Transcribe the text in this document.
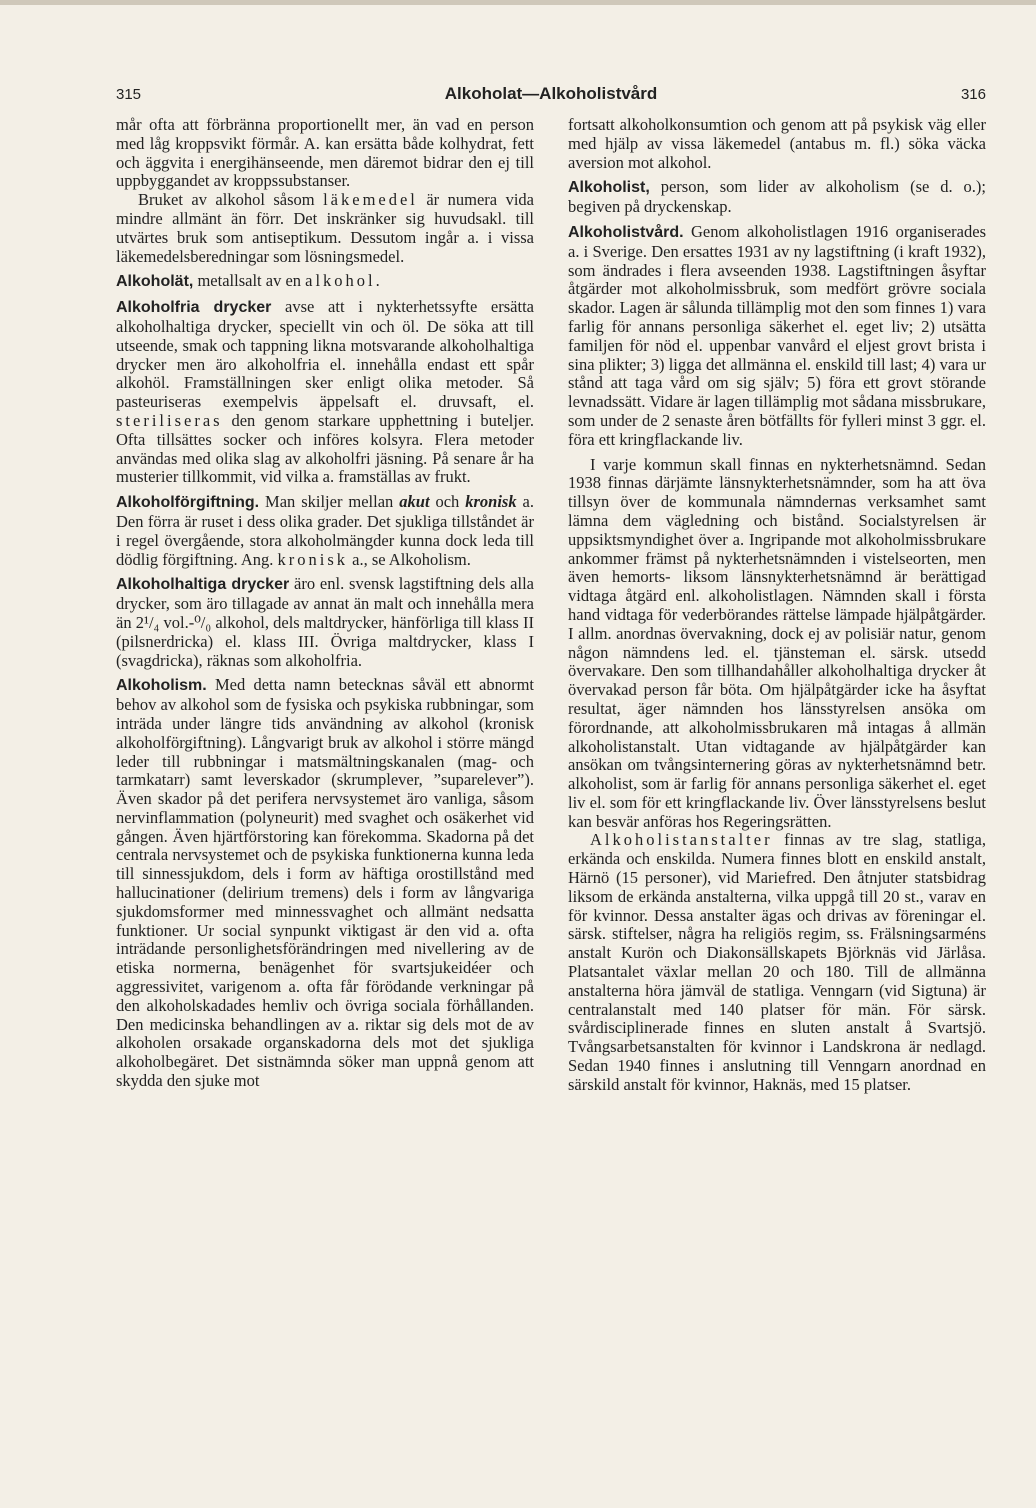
315	Alkoholat—Alkoholistvård	316

mår ofta att förbränna proportionellt mer, än vad en person med låg kroppsvikt förmår. A. kan ersätta både kolhydrat, fett och äggvita i energihänseende, men däremot bidrar den ej till uppbyggandet av kroppssubstanser.

Bruket av alkohol såsom läkemedel är numera vida mindre allmänt än förr. Det inskränker sig huvudsakl. till utvärtes bruk som antiseptikum. Dessutom ingår a. i vissa läkemedelsberedningar som lösningsmedel.

Alkoholät, metallsalt av en alkohol.

Alkoholfria drycker avse att i nykterhetssyfte ersätta alkoholhaltiga drycker, speciellt vin och öl. De söka att till utseende, smak och tappning likna motsvarande alkoholhaltiga drycker men äro alkoholfria el. innehålla endast ett spår alkohöl. Framställningen sker enligt olika metoder. Så pasteuriseras exempelvis äppelsaft el. druvsaft, el. steriliseras den genom starkare upphettning i buteljer. Ofta tillsättes socker och införes kolsyra. Flera metoder användas med olika slag av alkoholfri jäsning. På senare år ha musterier tillkommit, vid vilka a. framställas av frukt.

Alkoholförgiftning. Man skiljer mellan akut och kronisk a. Den förra är ruset i dess olika grader. Det sjukliga tillståndet är i regel övergående, stora alkoholmängder kunna dock leda till dödlig förgiftning. Ang. kronisk a., se Alkoholism.

Alkoholhaltiga drycker äro enl. svensk lagstiftning dels alla drycker, som äro tillagade av annat än malt och innehålla mera än 2¹/₄ vol.-⁰/₀ alkohol, dels maltdrycker, hänförliga till klass II (pilsnerdricka) el. klass III. Övriga maltdrycker, klass I (svagdricka), räknas som alkoholfria.

Alkoholism. Med detta namn betecknas såväl ett abnormt behov av alkohol som de fysiska och psykiska rubbningar, som inträda under längre tids användning av alkohol (kronisk alkoholförgiftning). Långvarigt bruk av alkohol i större mängd leder till rubbningar i matsmältningskanalen (mag- och tarmkatarr) samt leverskador (skrumplever, ”suparelever”). Även skador på det perifera nervsystemet äro vanliga, såsom nervinflammation (polyneurit) med svaghet och osäkerhet vid gången. Även hjärtförstoring kan förekomma. Skadorna på det centrala nervsystemet och de psykiska funktionerna kunna leda till sinnessjukdom, dels i form av häftiga orostillstånd med hallucinationer (delirium tremens) dels i form av långvariga sjukdomsformer med minnessvaghet och allmänt nedsatta funktioner. Ur social synpunkt viktigast är den vid a. ofta inträdande personlighetsförändringen med nivellering av de etiska normerna, benägenhet för svartsjukeidéer och aggressivitet, varigenom a. ofta får förödande verkningar på den alkoholskadades hemliv och övriga sociala förhållanden. Den medicinska behandlingen av a. riktar sig dels mot de av alkoholen orsakade organskadorna dels mot det sjukliga alkoholbegäret. Det sistnämnda söker man uppnå genom att skydda den sjuke mot

fortsatt alkoholkonsumtion och genom att på psykisk väg eller med hjälp av vissa läkemedel (antabus m. fl.) söka väcka aversion mot alkohol.

Alkoholist, person, som lider av alkoholism (se d. o.); begiven på dryckenskap.

Alkoholistvård. Genom alkoholistlagen 1916 organiserades a. i Sverige. Den ersattes 1931 av ny lagstiftning (i kraft 1932), som ändrades i flera avseenden 1938. Lagstiftningen åsyftar åtgärder mot alkoholmissbruk, som medfört grövre sociala skador. Lagen är sålunda tillämplig mot den som finnes 1) vara farlig för annans personliga säkerhet el. eget liv; 2) utsätta familjen för nöd el. uppenbar vanvård el eljest grovt brista i sina plikter; 3) ligga det allmänna el. enskild till last; 4) vara ur stånd att taga vård om sig själv; 5) föra ett grovt störande levnadssätt. Vidare är lagen tillämplig mot sådana missbrukare, som under de 2 senaste åren bötfällts för fylleri minst 3 ggr. el. föra ett kringflackande liv.

I varje kommun skall finnas en nykterhetsnämnd. Sedan 1938 finnas därjämte länsnykterhetsnämnder, som ha att öva tillsyn över de kommunala nämndernas verksamhet samt lämna dem vägledning och bistånd. Socialstyrelsen är uppsiktsmyndighet över a. Ingripande mot alkoholmissbrukare ankommer främst på nykterhetsnämnden i vistelseorten, men även hemorts- liksom länsnykterhetsnämnd är berättigad vidtaga åtgärd enl. alkoholistlagen. Nämnden skall i första hand vidtaga för vederbörandes rättelse lämpade hjälpåtgärder. I allm. anordnas övervakning, dock ej av polisiär natur, genom någon nämndens led. el. tjänsteman el. särsk. utsedd övervakare. Den som tillhandahåller alkoholhaltiga drycker åt övervakad person får böta. Om hjälpåtgärder icke ha åsyftat resultat, äger nämnden hos länsstyrelsen ansöka om förordnande, att alkoholmissbrukaren må intagas å allmän alkoholistanstalt. Utan vidtagande av hjälpåtgärder kan ansökan om tvångsinternering göras av nykterhetsnämnd betr. alkoholist, som är farlig för annans personliga säkerhet el. eget liv el. som för ett kringflackande liv. Över länsstyrelsens beslut kan besvär anföras hos Regeringsrätten.

Alkoholistanstalter finnas av tre slag, statliga, erkända och enskilda. Numera finnes blott en enskild anstalt, Härnö (15 personer), vid Mariefred. Den åtnjuter statsbidrag liksom de erkända anstalterna, vilka uppgå till 20 st., varav en för kvinnor. Dessa anstalter ägas och drivas av föreningar el. särsk. stiftelser, några ha religiös regim, ss. Frälsningsarméns anstalt Kurön och Diakonsällskapets Björknäs vid Järlåsa. Platsantalet växlar mellan 20 och 180. Till de allmänna anstalterna höra jämväl de statliga. Venngarn (vid Sigtuna) är centralanstalt med 140 platser för män. För särsk. svårdisciplinerade finnes en sluten anstalt å Svartsjö. Tvångsarbetsanstalten för kvinnor i Landskrona är nedlagd. Sedan 1940 finnes i anslutning till Venngarn anordnad en särskild anstalt för kvinnor, Haknäs, med 15 platser.
